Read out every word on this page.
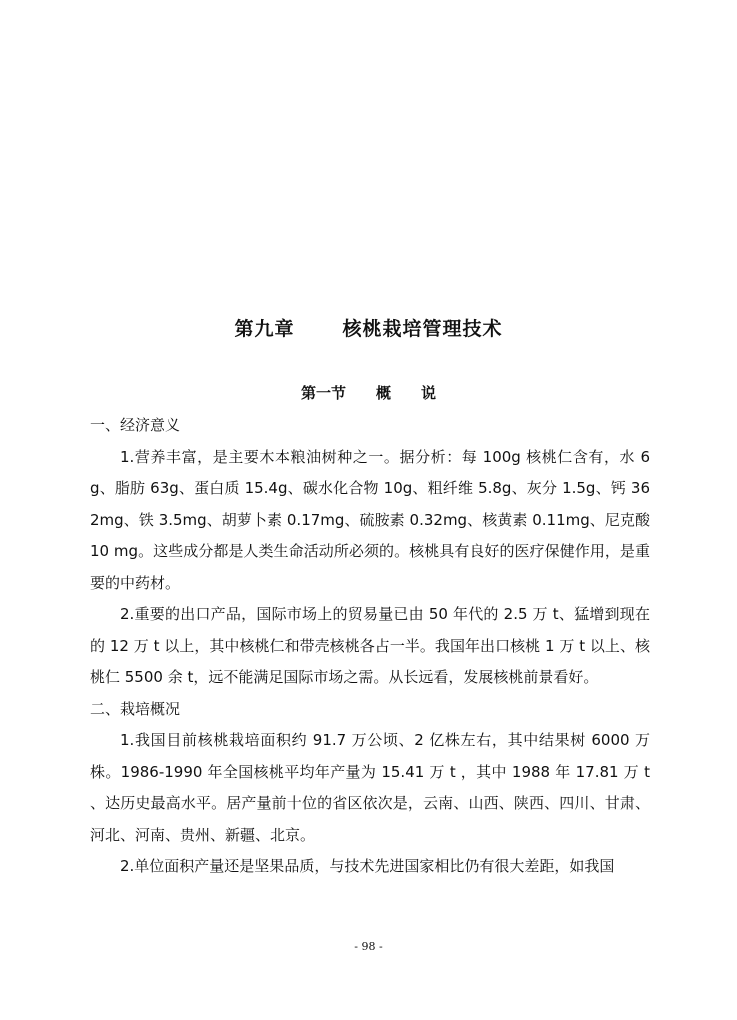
第九章	核桃栽培管理技术
第一节 概 说

一、经济意义

1.营养丰富，是主要木本粮油树种之一。据分析：每 100g 核桃仁含有，水 6g、脂肪 63g、蛋白质 15.4g、碳水化合物 10g、粗纤维 5.8g、灰分 1.5g、钙 362mg、铁 3.5mg、胡萝卜素 0.17mg、硫胺素 0.32mg、核黄素 0.11mg、尼克酸 10 mg。这些成分都是人类生命活动所必须的。核桃具有良好的医疗保健作用，是重要的中药材。

2.重要的出口产品，国际市场上的贸易量已由 50 年代的 2.5 万 t、猛增到现在的 12 万 t 以上，其中核桃仁和带壳核桃各占一半。我国年出口核桃 1 万 t 以上、核桃仁 5500 余 t，远不能满足国际市场之需。从长远看，发展核桃前景看好。

二、栽培概况

1.我国目前核桃栽培面积约 91.7 万公顷、2 亿株左右，其中结果树 6000 万株。1986-1990 年全国核桃平均年产量为 15.41 万 t ，其中 1988 年 17.81 万 t 、达历史最高水平。居产量前十位的省区依次是，云南、山西、陕西、四川、甘肃、河北、河南、贵州、新疆、北京。

2.单位面积产量还是坚果品质，与技术先进国家相比仍有很大差距，如我国

- 98 -
